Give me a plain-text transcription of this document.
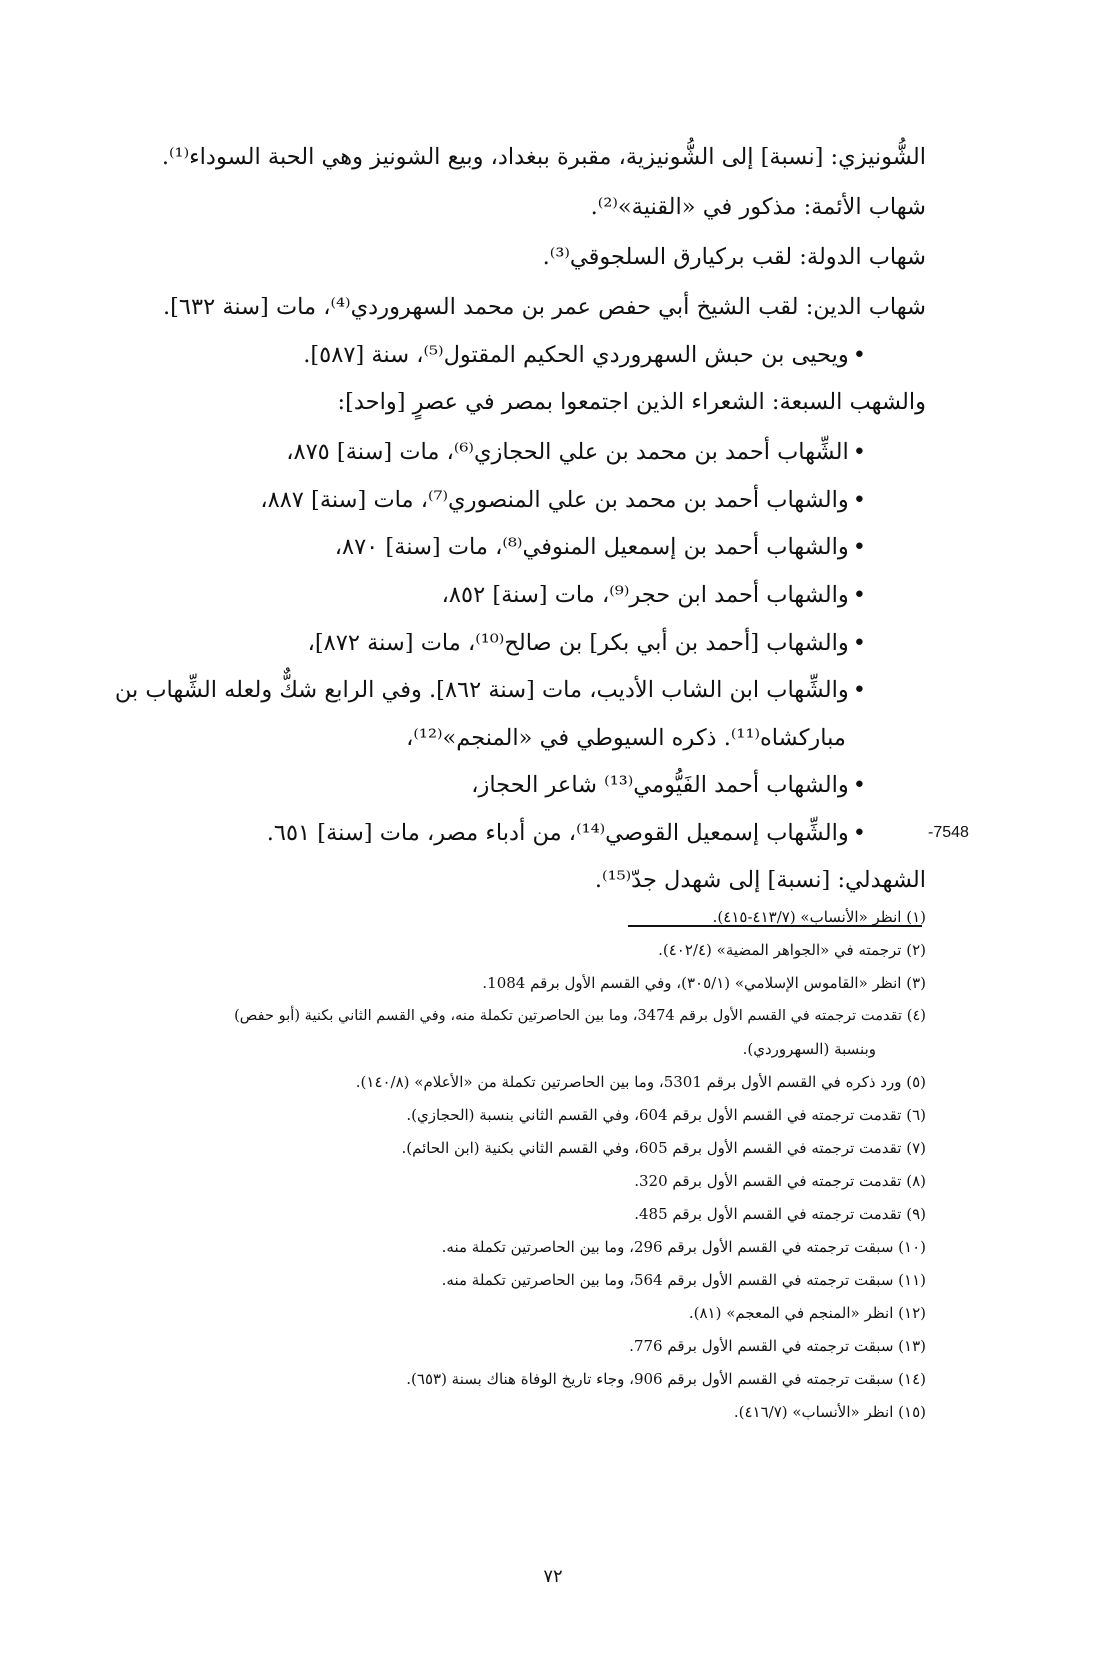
الشُّونيزي: [نسبة] إلى الشُّونيزية، مقبرة ببغداد، وبيع الشونيز وهي الحبة السوداء⁽¹⁾.
شهاب الأئمة: مذكور في «القنية»⁽²⁾.
شهاب الدولة: لقب بركيارق السلجوقي⁽³⁾.
شهاب الدين: لقب الشيخ أبي حفص عمر بن محمد السهروردي⁽⁴⁾، مات [سنة ٦٣٢].
•ويحيى بن حبش السهروردي الحكيم المقتول⁽⁵⁾، سنة [٥٨٧].
والشهب السبعة: الشعراء الذين اجتمعوا بمصر في عصرٍ [واحد]:
•الشِّهاب أحمد بن محمد بن علي الحجازي⁽⁶⁾، مات [سنة] ٨٧٥،
•والشهاب أحمد بن محمد بن علي المنصوري⁽⁷⁾، مات [سنة] ٨٨٧،
•والشهاب أحمد بن إسمعيل المنوفي⁽⁸⁾، مات [سنة] ٨٧٠،
•والشهاب أحمد ابن حجر⁽⁹⁾، مات [سنة] ٨٥٢،
•والشهاب [أحمد بن أبي بكر] بن صالح⁽¹⁰⁾، مات [سنة ٨٧٢]،
•والشِّهاب ابن الشاب الأديب، مات [سنة ٨٦٢]. وفي الرابع شكٌّ ولعله الشِّهاب بن
مباركشاه⁽¹¹⁾. ذكره السيوطي في «المنجم»⁽¹²⁾،
•والشهاب أحمد الفَيُّومي⁽¹³⁾ شاعر الحجاز،
•والشِّهاب إسمعيل القوصي⁽¹⁴⁾، من أدباء مصر، مات [سنة] ٦٥١.
الشهدلي: [نسبة] إلى شهدل جدّ⁽¹⁵⁾.
-7548
(١) انظر «الأنساب» (٤١٣/٧-٤١٥).
(٢) ترجمته في «الجواهر المضية» (٤٠٢/٤).
(٣) انظر «القاموس الإسلامي» (٣٠٥/١)، وفي القسم الأول برقم 1084.
(٤) تقدمت ترجمته في القسم الأول برقم 3474، وما بين الحاصرتين تكملة منه، وفي القسم الثاني بكنية (أبو حفص)
وبنسبة (السهروردي).
(٥) ورد ذكره في القسم الأول برقم 5301، وما بين الحاصرتين تكملة من «الأعلام» (١٤٠/٨).
(٦) تقدمت ترجمته في القسم الأول برقم 604، وفي القسم الثاني بنسبة (الحجازي).
(٧) تقدمت ترجمته في القسم الأول برقم 605، وفي القسم الثاني بكنية (ابن الحائم).
(٨) تقدمت ترجمته في القسم الأول برقم 320.
(٩) تقدمت ترجمته في القسم الأول برقم 485.
(١٠) سبقت ترجمته في القسم الأول برقم 296، وما بين الحاصرتين تكملة منه.
(١١) سبقت ترجمته في القسم الأول برقم 564، وما بين الحاصرتين تكملة منه.
(١٢) انظر «المنجم في المعجم» (٨١).
(١٣) سبقت ترجمته في القسم الأول برقم 776.
(١٤) سبقت ترجمته في القسم الأول برقم 906، وجاء تاريخ الوفاة هناك بسنة (٦٥٣).
(١٥) انظر «الأنساب» (٤١٦/٧).
٧٢
